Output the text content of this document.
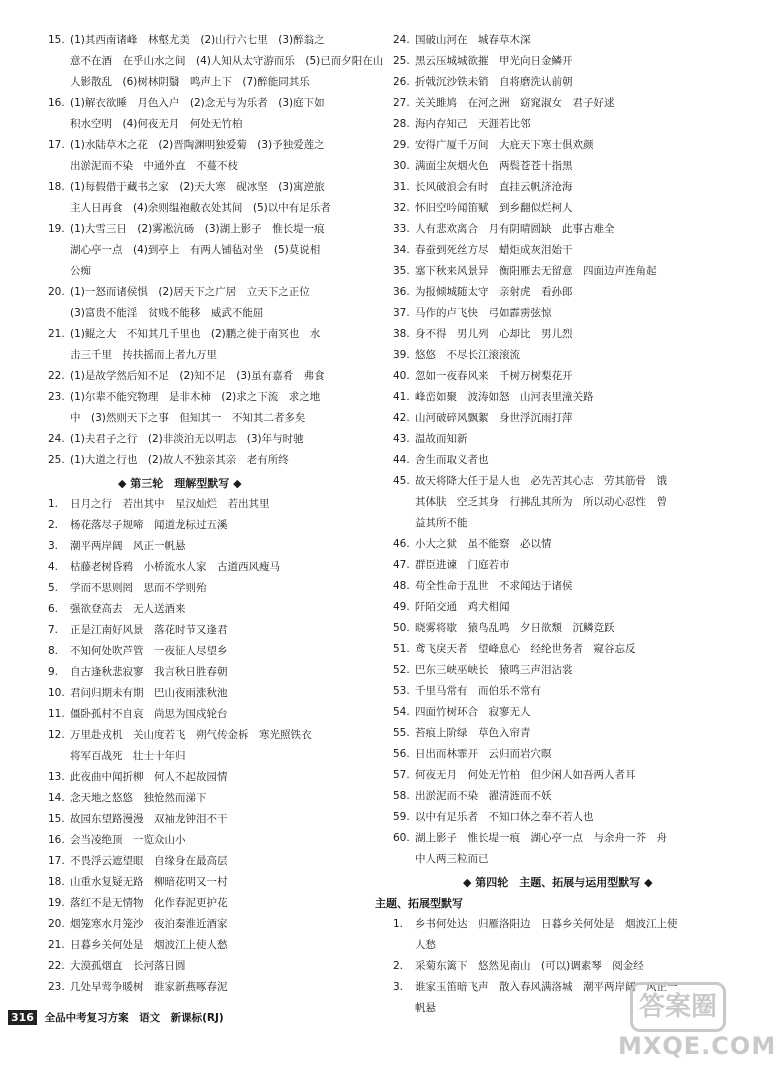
15. (1)其西南诸峰　林壑尤美　(2)山行六七里　(3)醉翁之
意不在酒　在乎山水之间　(4)人知从太守游而乐　(5)已而夕阳在山
人影散乱　(6)树林阴翳　鸣声上下　(7)醉能同其乐
16. (1)解衣欲睡　月色入户　(2)念无与为乐者　(3)庭下如
积水空明　(4)何夜无月　何处无竹柏
17. (1)水陆草木之花　(2)晋陶渊明独爱菊　(3)予独爱莲之
出淤泥而不染　中通外直　不蔓不枝
18. (1)每假借于藏书之家　(2)天大寒　砚冰坚　(3)寓逆旅
主人日再食　(4)余则缊袍敝衣处其间　(5)以中有足乐者
19. (1)大雪三日　(2)雾凇沆砀　(3)湖上影子　惟长堤一痕
湖心亭一点　(4)到亭上　有两人铺毡对坐　(5)莫说相
公痴
20. (1)一怒而诸侯惧　(2)居天下之广居　立天下之正位
(3)富贵不能淫　贫贱不能移　威武不能屈
21. (1)鲲之大　不知其几千里也　(2)鹏之徙于南冥也　水
击三千里　抟扶摇而上者九万里
22. (1)是故学然后知不足　(2)知不足　(3)虽有嘉肴　弗食
23. (1)尔辈不能究物理　是非木柿　(2)求之下流　求之地
中　(3)然则天下之事　但知其一　不知其二者多矣
24. (1)夫君子之行　(2)非淡泊无以明志　(3)年与时驰
25. (1)大道之行也　(2)故人不独亲其亲　老有所终
◆ 第三轮　理解型默写 ◆
1. 日月之行　若出其中　星汉灿烂　若出其里
2. 杨花落尽子规啼　闻道龙标过五溪
3. 潮平两岸阔　风正一帆悬
4. 枯藤老树昏鸦　小桥流水人家　古道西风瘦马
5. 学而不思则罔　思而不学则殆
6. 强欲登高去　无人送酒来
7. 正是江南好风景　落花时节又逢君
8. 不知何处吹芦管　一夜征人尽望乡
9. 自古逢秋悲寂寥　我言秋日胜春朝
10. 君问归期未有期　巴山夜雨涨秋池
11. 僵卧孤村不自哀　尚思为国戍轮台
12. 万里赴戎机　关山度若飞　朔气传金柝　寒光照铁衣
将军百战死　壮士十年归
13. 此夜曲中闻折柳　何人不起故园情
14. 念天地之悠悠　独怆然而涕下
15. 故园东望路漫漫　双袖龙钟泪不干
16. 会当凌绝顶　一览众山小
17. 不畏浮云遮望眼　自缘身在最高层
18. 山重水复疑无路　柳暗花明又一村
19. 落红不是无情物　化作春泥更护花
20. 烟笼寒水月笼沙　夜泊秦淮近酒家
21. 日暮乡关何处是　烟波江上使人愁
22. 大漠孤烟直　长河落日圆
23. 几处早莺争暖树　谁家新燕啄春泥
24. 国破山河在　城春草木深
25. 黑云压城城欲摧　甲光向日金鳞开
26. 折戟沉沙铁未销　自将磨洗认前朝
27. 关关雎鸠　在河之洲　窈窕淑女　君子好逑
28. 海内存知己　天涯若比邻
29. 安得广厦千万间　大庇天下寒士俱欢颜
30. 满面尘灰烟火色　两鬓苍苍十指黑
31. 长风破浪会有时　直挂云帆济沧海
32. 怀旧空吟闻笛赋　到乡翻似烂柯人
33. 人有悲欢离合　月有阴晴圆缺　此事古难全
34. 春蚕到死丝方尽　蜡炬成灰泪始干
35. 塞下秋来风景异　衡阳雁去无留意　四面边声连角起
36. 为报倾城随太守　亲射虎　看孙郎
37. 马作的卢飞快　弓如霹雳弦惊
38. 身不得　男儿列　心却比　男儿烈
39. 悠悠　不尽长江滚滚流
40. 忽如一夜春风来　千树万树梨花开
41. 峰峦如聚　波涛如怒　山河表里潼关路
42. 山河破碎风飘絮　身世浮沉雨打萍
43. 温故而知新
44. 舍生而取义者也
45. 故天将降大任于是人也　必先苦其心志　劳其筋骨　饿
其体肤　空乏其身　行拂乱其所为　所以动心忍性　曾
益其所不能
46. 小大之狱　虽不能察　必以情
47. 群臣进谏　门庭若市
48. 苟全性命于乱世　不求闻达于诸侯
49. 阡陌交通　鸡犬相闻
50. 晓雾将歇　猿鸟乱鸣　夕日欲颓　沉鳞竞跃
51. 鸢飞戾天者　望峰息心　经纶世务者　窥谷忘反
52. 巴东三峡巫峡长　猿鸣三声泪沾裳
53. 千里马常有　而伯乐不常有
54. 四面竹树环合　寂寥无人
55. 苔痕上阶绿　草色入帘青
56. 日出而林霏开　云归而岩穴暝
57. 何夜无月　何处无竹柏　但少闲人如吾两人者耳
58. 出淤泥而不染　濯清涟而不妖
59. 以中有足乐者　不知口体之奉不若人也
60. 湖上影子　惟长堤一痕　湖心亭一点　与余舟一芥　舟
中人两三粒而已
◆ 第四轮　主题、拓展与运用型默写 ◆
主题、拓展型默写
1. 乡书何处达　归雁洛阳边　日暮乡关何处是　烟波江上使
人愁
2. 采菊东篱下　悠然见南山　(可以)调素琴　阅金经
3. 谁家玉笛暗飞声　散入春风满洛城　潮平两岸阔　风正一
帆悬
316 全品中考复习方案　语文　新课标(RJ)	答案圈
MXQE.COM
